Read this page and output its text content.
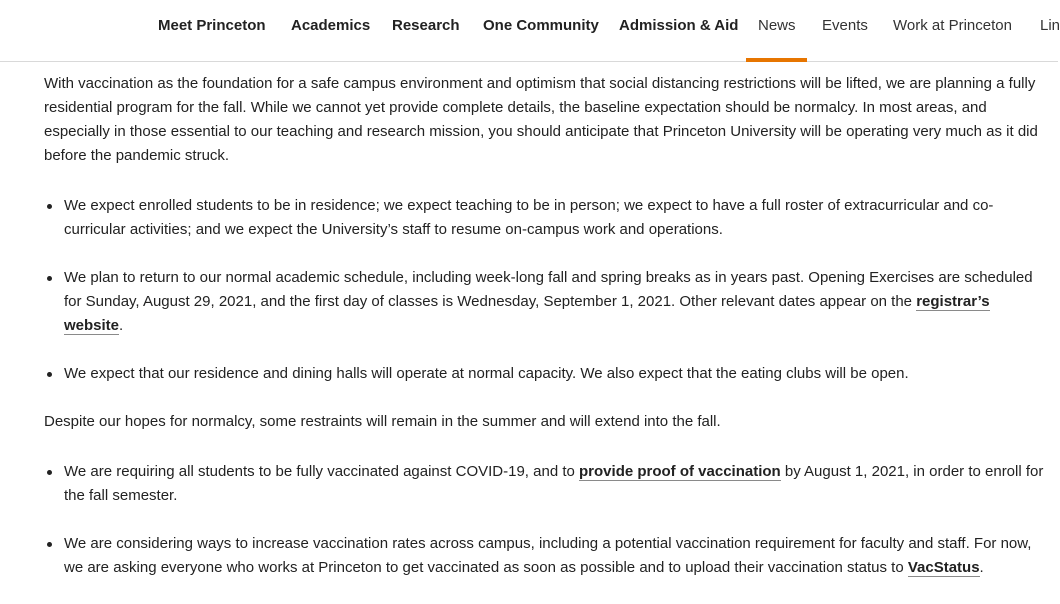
Meet Princeton Academics Research One Community Admission & Aid News Events Work at Princeton Lin

With vaccination as the foundation for a safe campus environment and optimism that social distancing restrictions will be lifted, we are planning a fully residential program for the fall. While we cannot yet provide complete details, the baseline expectation should be normalcy. In most areas, and especially in those essential to our teaching and research mission, you should anticipate that Princeton University will be operating very much as it did before the pandemic struck.

We expect enrolled students to be in residence; we expect teaching to be in person; we expect to have a full roster of extracurricular and co-curricular activities; and we expect the University’s staff to resume on-campus work and operations.
We plan to return to our normal academic schedule, including week-long fall and spring breaks as in years past. Opening Exercises are scheduled for Sunday, August 29, 2021, and the first day of classes is Wednesday, September 1, 2021. Other relevant dates appear on the registrar’s website.
We expect that our residence and dining halls will operate at normal capacity. We also expect that the eating clubs will be open.

Despite our hopes for normalcy, some restraints will remain in the summer and will extend into the fall.

We are requiring all students to be fully vaccinated against COVID-19, and to provide proof of vaccination by August 1, 2021, in order to enroll for the fall semester.
We are considering ways to increase vaccination rates across campus, including a potential vaccination requirement for faculty and staff. For now, we are asking everyone who works at Princeton to get vaccinated as soon as possible and to upload their vaccination status to VacStatus.
